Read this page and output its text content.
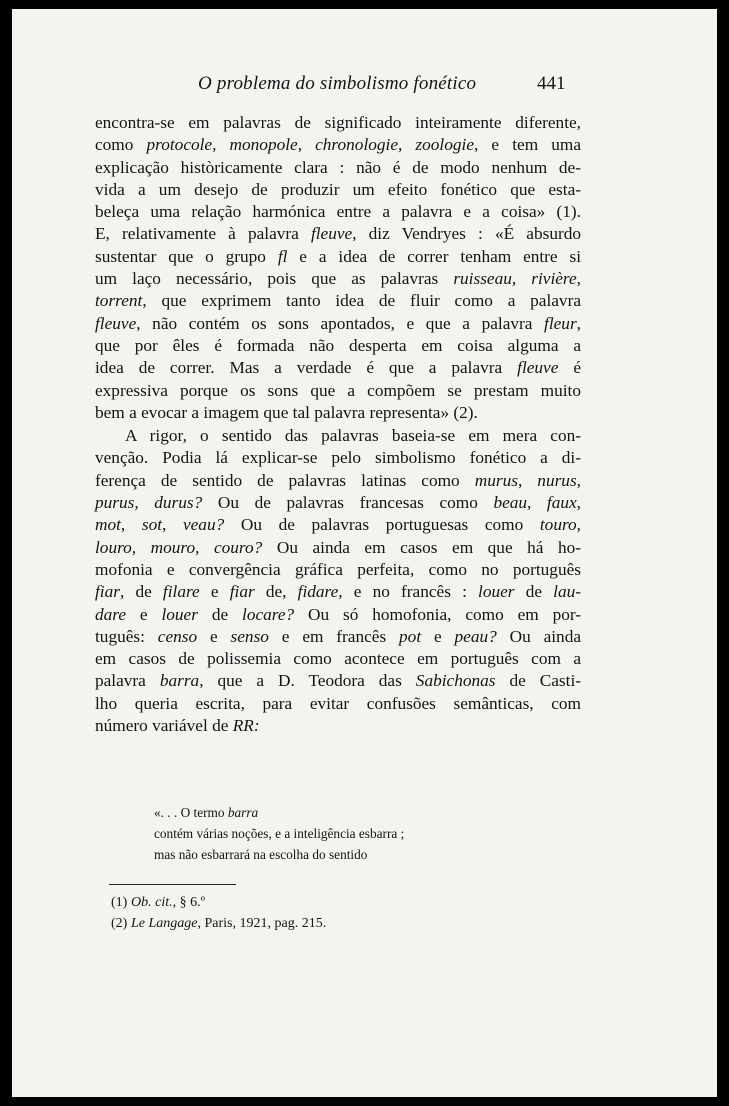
O problema do simbolismo fonético	441

encontra-se em palavras de significado inteiramente diferente,
como protocole, monopole, chronologie, zoologie, e tem uma
explicação històricamente clara : não é de modo nenhum de-
vida a um desejo de produzir um efeito fonético que esta-
beleça uma relação harmónica entre a palavra e a coisa» (1).
E, relativamente à palavra fleuve, diz Vendryes : «É absurdo
sustentar que o grupo fl e a idea de correr tenham entre si
um laço necessário, pois que as palavras ruisseau, rivière,
torrent, que exprimem tanto idea de fluir como a palavra
fleuve, não contém os sons apontados, e que a palavra fleur,
que por êles é formada não desperta em coisa alguma a
idea de correr. Mas a verdade é que a palavra fleuve é
expressiva porque os sons que a compõem se prestam muito
bem a evocar a imagem que tal palavra representa» (2).

A rigor, o sentido das palavras baseia-se em mera con-
venção. Podia lá explicar-se pelo simbolismo fonético a di-
ferença de sentido de palavras latinas como murus, nurus,
purus, durus? Ou de palavras francesas como beau, faux,
mot, sot, veau? Ou de palavras portuguesas como touro,
louro, mouro, couro? Ou ainda em casos em que há ho-
mofonia e convergência gráfica perfeita, como no português
fiar, de filare e fiar de, fidare, e no francês : louer de lau-
dare e louer de locare? Ou só homofonia, como em por-
tuguês: censo e senso e em francês pot e peau? Ou ainda
em casos de polissemia como acontece em português com a
palavra barra, que a D. Teodora das Sabichonas de Casti-
lho queria escrita, para evitar confusões semânticas, com
número variável de RR:

«. . . O termo barra
contém várias noções, e a inteligência esbarra ;
mas não esbarrará na escolha do sentido
(1) Ob. cit., § 6.º
(2) Le Langage, Paris, 1921, pag. 215.
